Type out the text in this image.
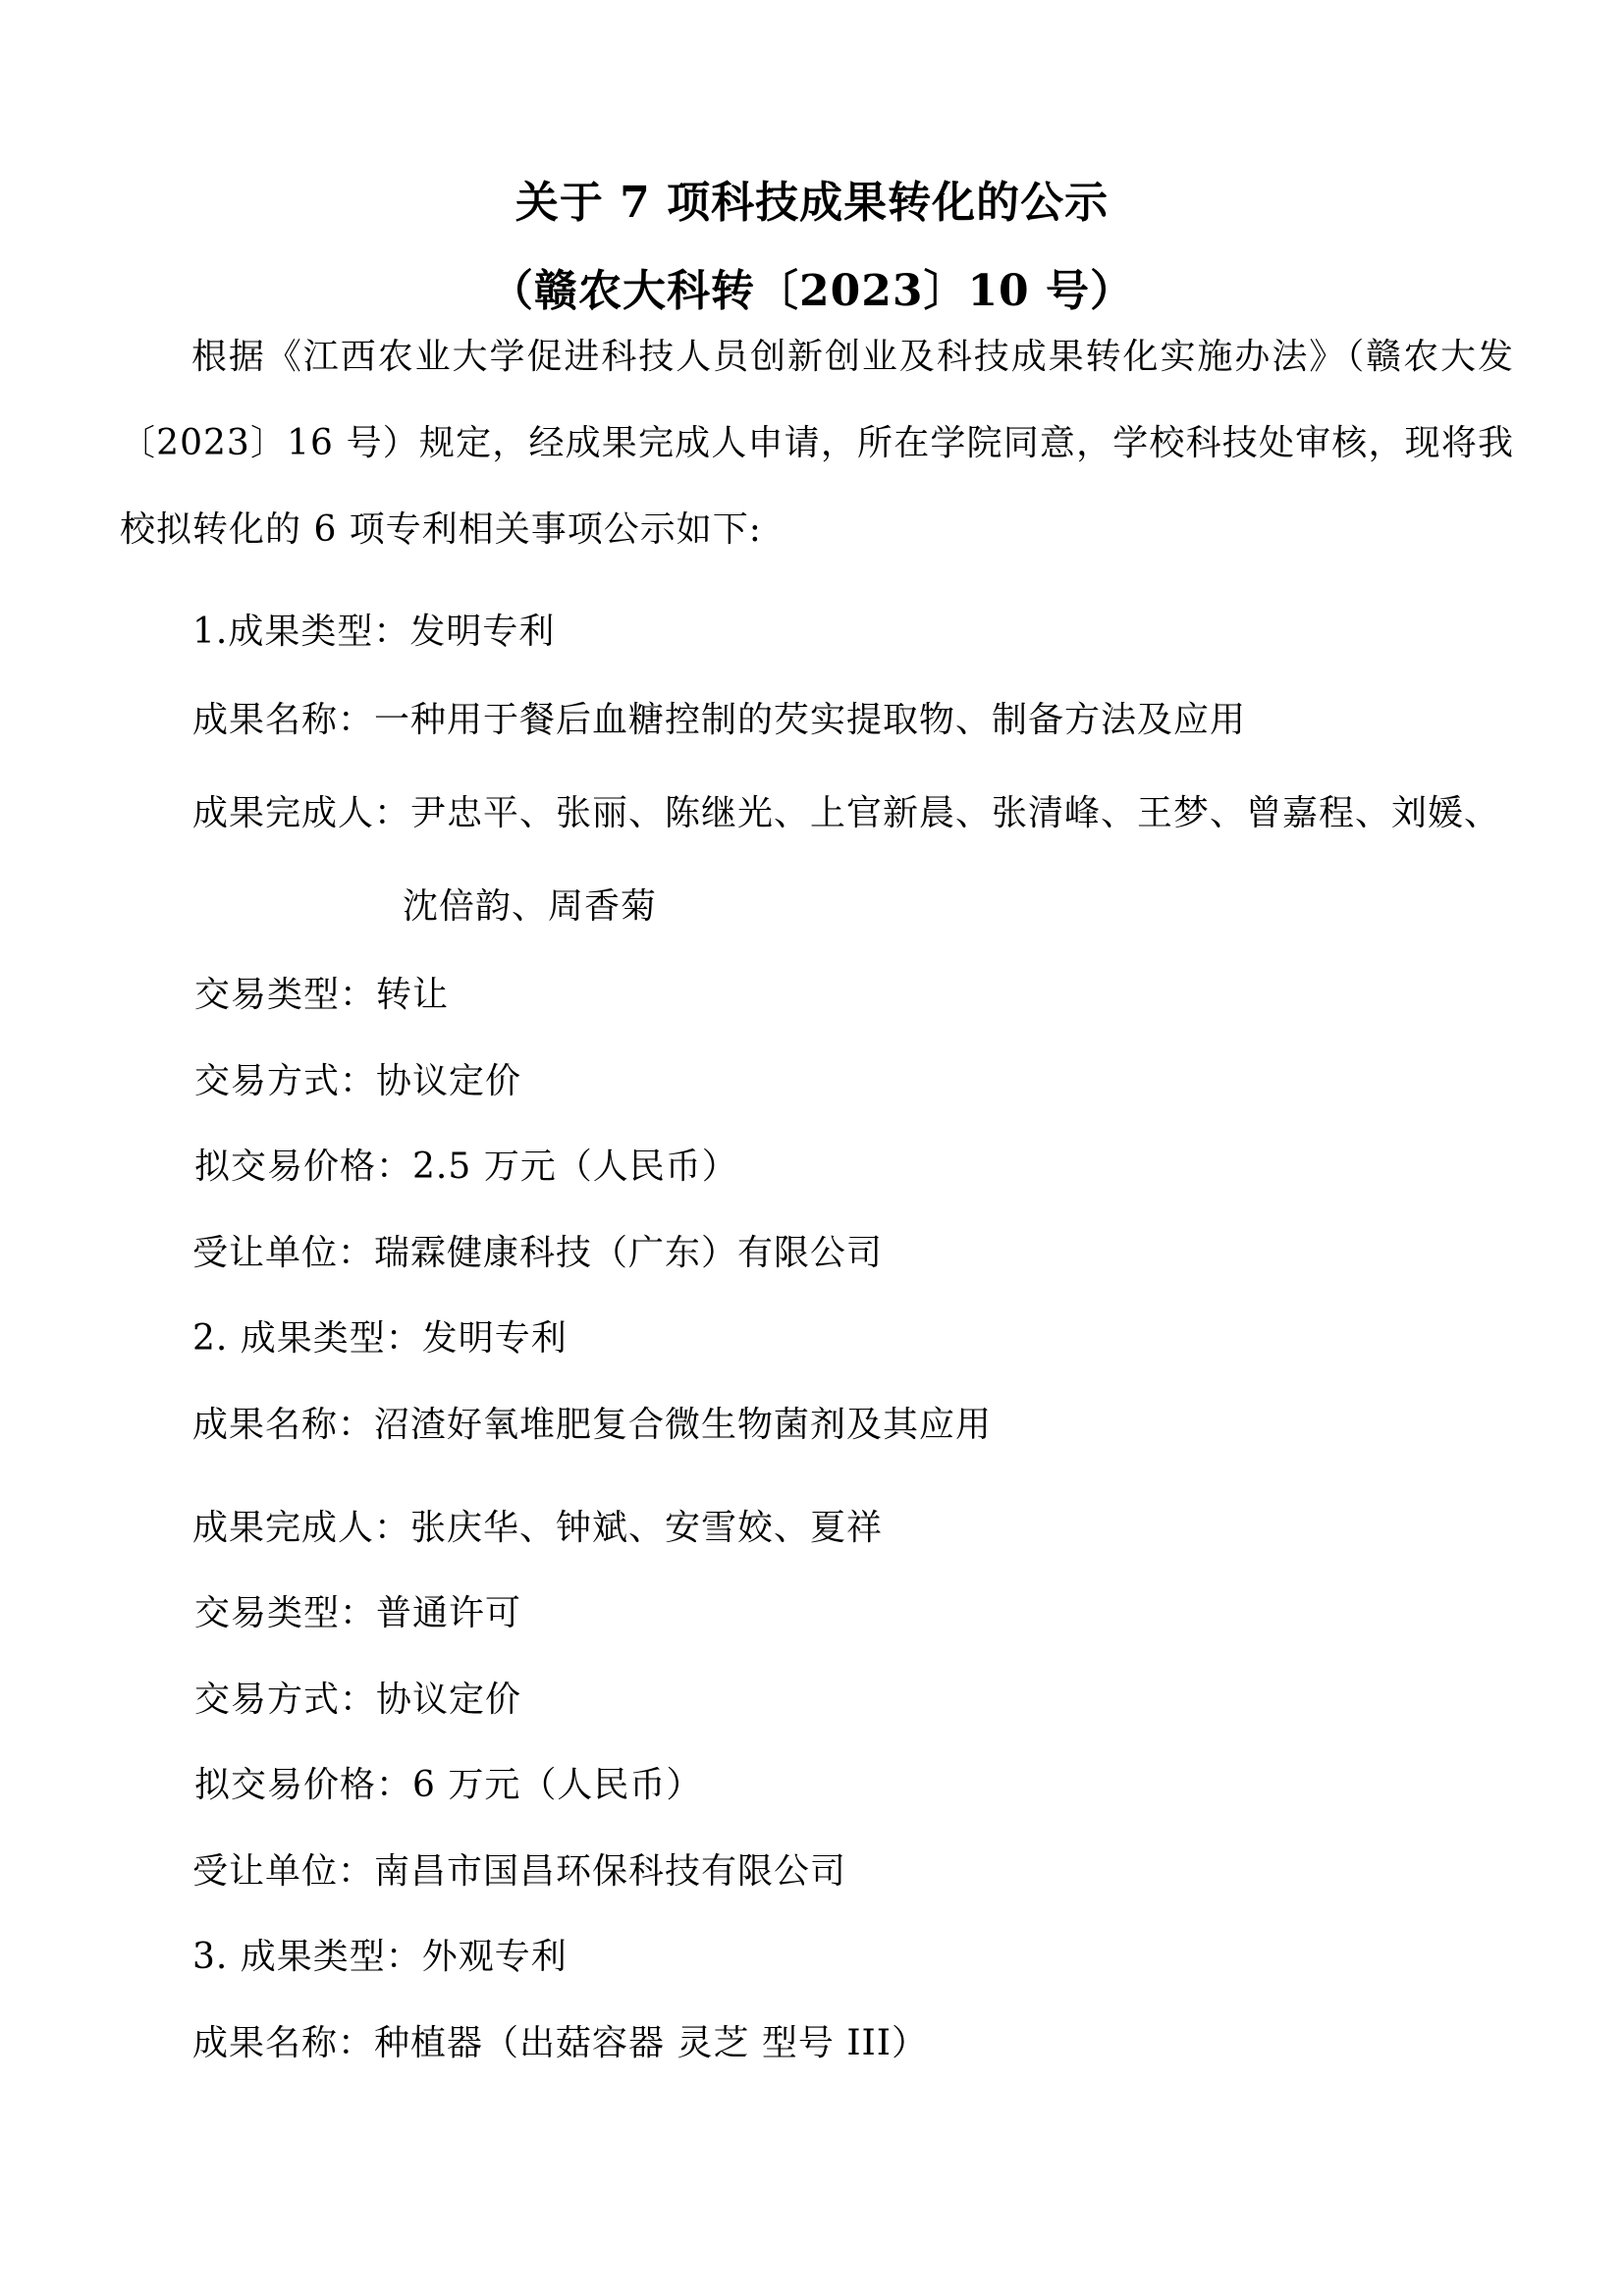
关于 7 项科技成果转化的公示
（赣农大科转〔2023〕10 号）
根据《江西农业大学促进科技人员创新创业及科技成果转化实施办法》（赣农大发〔2023〕16 号）规定，经成果完成人申请，所在学院同意，学校科技处审核，现将我校拟转化的 6 项专利相关事项公示如下:
1.成果类型：发明专利
成果名称：一种用于餐后血糖控制的芡实提取物、制备方法及应用
成果完成人：尹忠平、张丽、陈继光、上官新晨、张清峰、王梦、曾嘉程、刘媛、
沈倍韵、周香菊
交易类型：转让
交易方式：协议定价
拟交易价格：2.5 万元（人民币）
受让单位：瑞霖健康科技（广东）有限公司
2. 成果类型：发明专利
成果名称：沼渣好氧堆肥复合微生物菌剂及其应用
成果完成人：张庆华、钟斌、安雪姣、夏祥
交易类型：普通许可
交易方式：协议定价
拟交易价格：6 万元（人民币）
受让单位：南昌市国昌环保科技有限公司
3. 成果类型：外观专利
成果名称：种植器（出菇容器 灵芝 型号 III）
